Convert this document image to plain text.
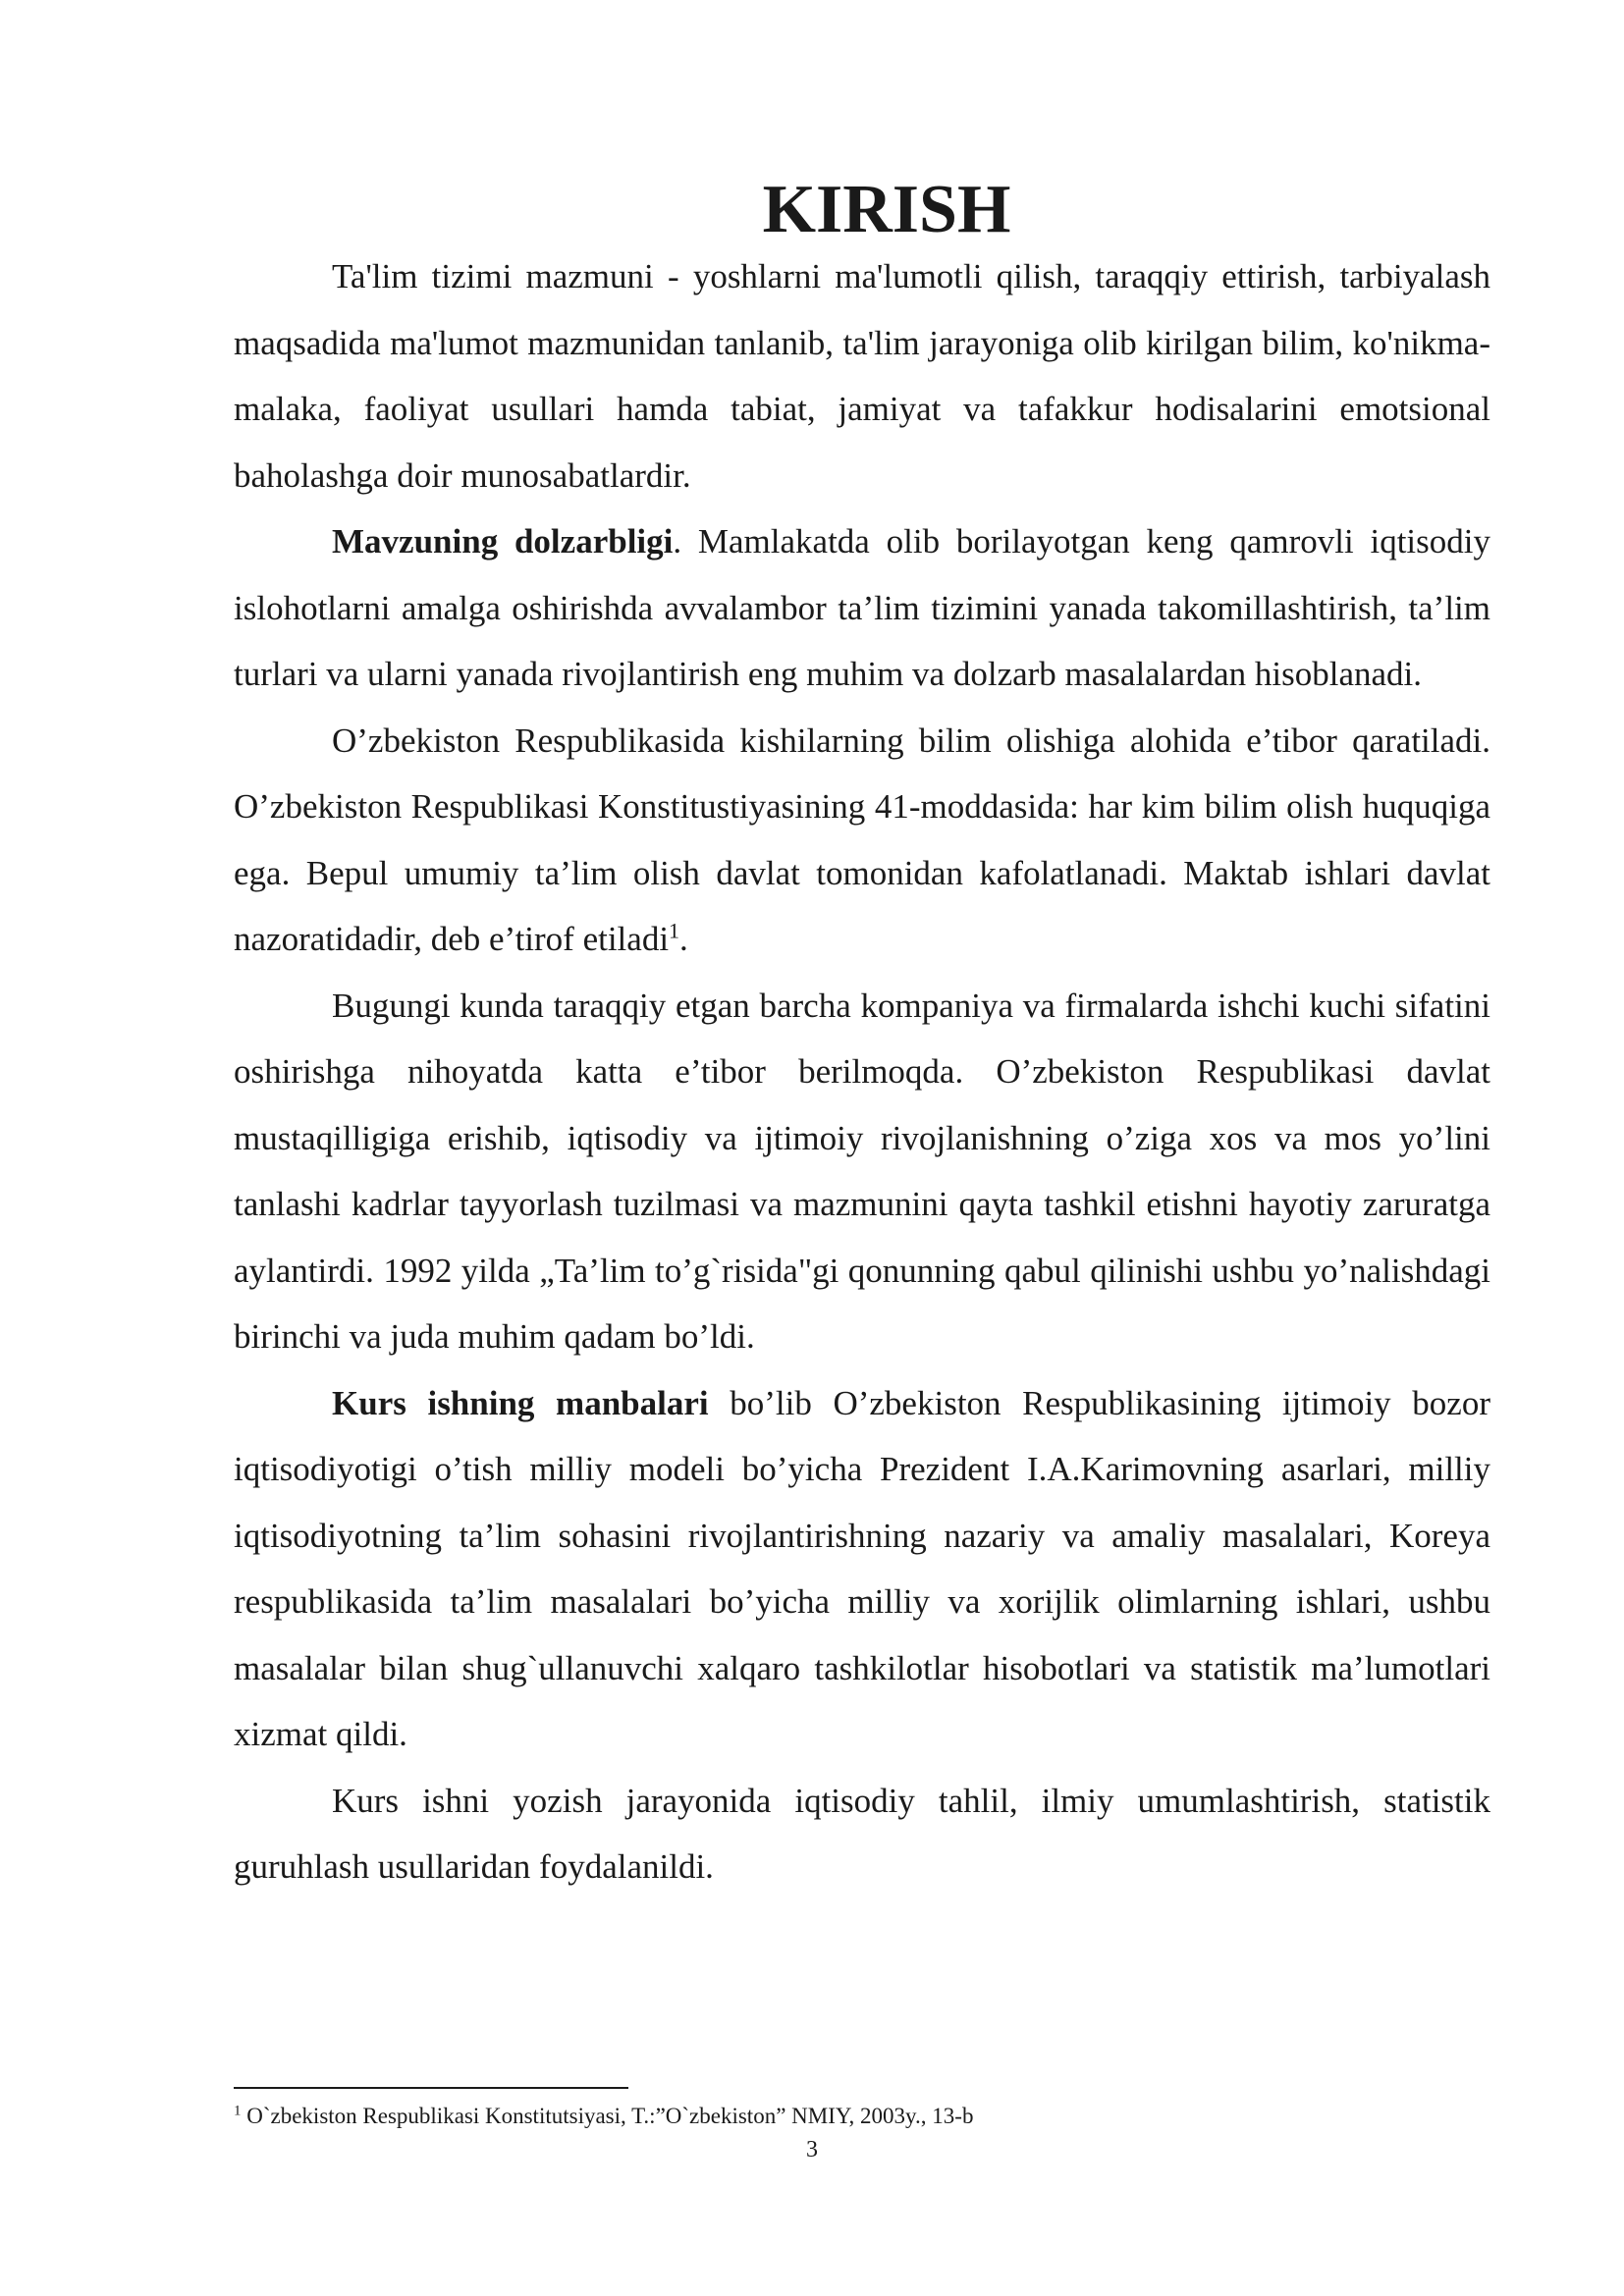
KIRISH

Ta'lim tizimi mazmuni - yoshlarni ma'lumotli qilish, taraqqiy ettirish, tarbiyalash maqsadida ma'lumot mazmunidan tanlanib, ta'lim jarayoniga olib kirilgan bilim, ko'nikma-malaka, faoliyat usullari hamda tabiat, jamiyat va tafakkur hodisalarini emotsional baholashga doir munosabatlardir.

Mavzuning dolzarbligi. Mamlakatda olib borilayotgan keng qamrovli iqtisodiy islohotlarni amalga oshirishda avvalambor ta’lim tizimini yanada takomillashtirish, ta’lim turlari va ularni yanada rivojlantirish eng muhim va dolzarb masalalardan hisoblanadi.

O’zbekiston Respublikasida kishilarning bilim olishiga alohida e’tibor qaratiladi. O’zbekiston Respublikasi Konstitustiyasining 41-moddasida: har kim bilim olish huquqiga ega. Bepul umumiy ta’lim olish davlat tomonidan kafolatlanadi. Maktab ishlari davlat nazoratidadir, deb e’tirof etiladi$^1$.

Bugungi kunda taraqqiy etgan barcha kompaniya va firmalarda ishchi kuchi sifatini oshirishga nihoyatda katta e’tibor berilmoqda. O’zbekiston Respublikasi davlat mustaqilligiga erishib, iqtisodiy va ijtimoiy rivojlanishning o’ziga xos va mos yo’lini tanlashi kadrlar tayyorlash tuzilmasi va mazmunini qayta tashkil etishni hayotiy zaruratga aylantirdi. 1992 yilda „Ta’lim to’g`risida"gi qonunning qabul qilinishi ushbu yo’nalishdagi birinchi va juda muhim qadam bo’ldi.

Kurs ishning manbalari bo’lib O’zbekiston Respublikasining ijtimoiy bozor iqtisodiyotigi o’tish milliy modeli bo’yicha Prezident I.A.Karimovning asarlari, milliy iqtisodiyotning ta’lim sohasini rivojlantirishning nazariy va amaliy masalalari, Koreya respublikasida ta’lim masalalari bo’yicha milliy va xorijlik olimlarning ishlari, ushbu masalalar bilan shug`ullanuvchi xalqaro tashkilotlar hisobotlari va statistik ma’lumotlari xizmat qildi.

Kurs ishni yozish jarayonida iqtisodiy tahlil, ilmiy umumlashtirish, statistik guruhlash usullaridan foydalanildi.

$^1$ O`zbekiston Respublikasi Konstitutsiyasi, T.:”O`zbekiston” NMIY, 2003y., 13-b
3
